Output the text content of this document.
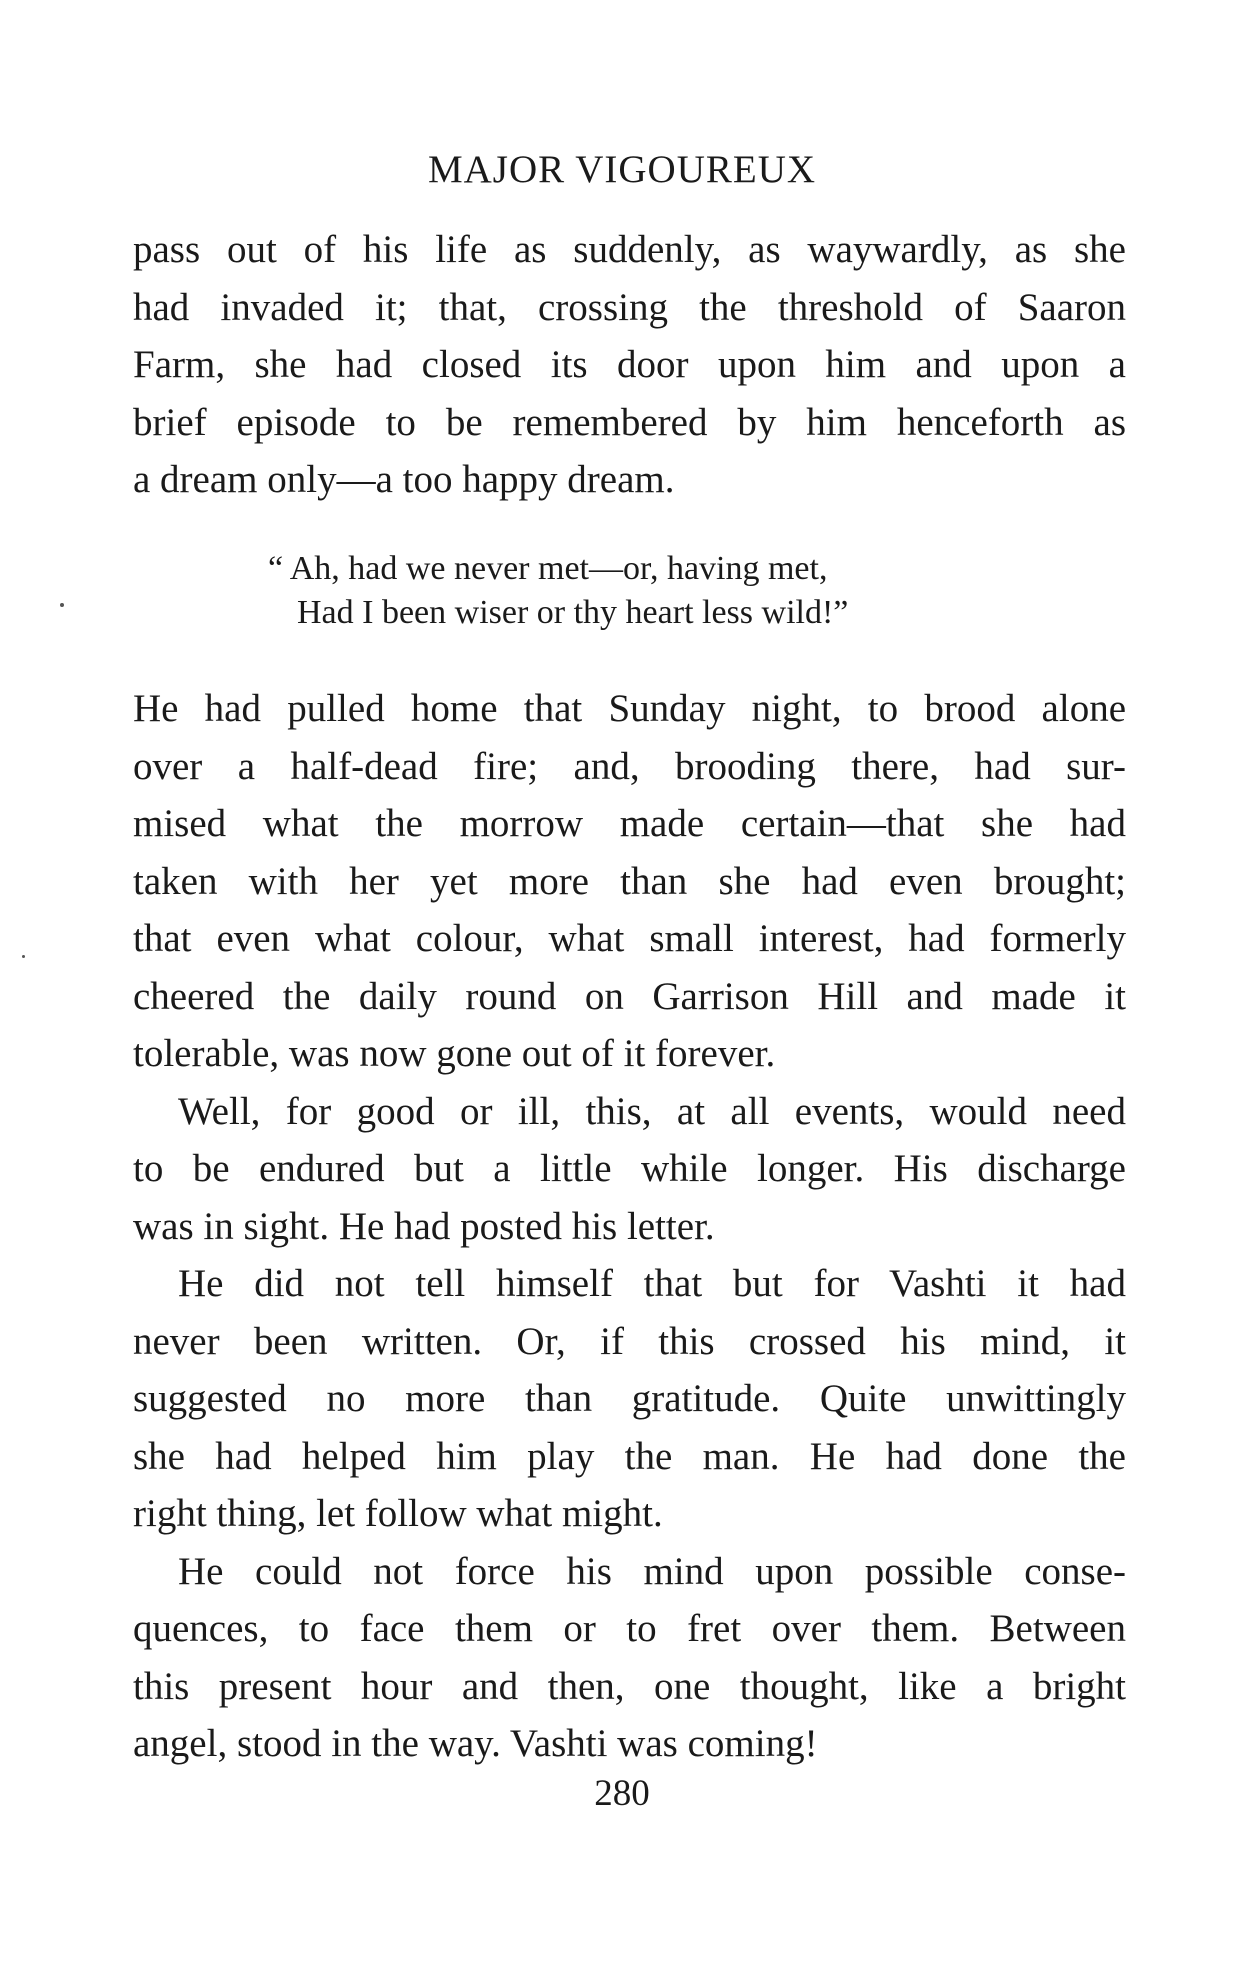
MAJOR VIGOUREUX
pass out of his life as suddenly, as waywardly, as she
had invaded it; that, crossing the threshold of Saaron
Farm, she had closed its door upon him and upon a
brief episode to be remembered by him henceforth as
a dream only—a too happy dream.
“ Ah, had we never met—or, having met,
Had I been wiser or thy heart less wild!”
He had pulled home that Sunday night, to brood alone
over a half-dead fire; and, brooding there, had sur-
mised what the morrow made certain—that she had
taken with her yet more than she had even brought;
that even what colour, what small interest, had formerly
cheered the daily round on Garrison Hill and made it
tolerable, was now gone out of it forever.
Well, for good or ill, this, at all events, would need
to be endured but a little while longer. His discharge
was in sight. He had posted his letter.
He did not tell himself that but for Vashti it had
never been written. Or, if this crossed his mind, it
suggested no more than gratitude. Quite unwittingly
she had helped him play the man. He had done the
right thing, let follow what might.
He could not force his mind upon possible conse-
quences, to face them or to fret over them. Between
this present hour and then, one thought, like a bright
angel, stood in the way. Vashti was coming!
280
